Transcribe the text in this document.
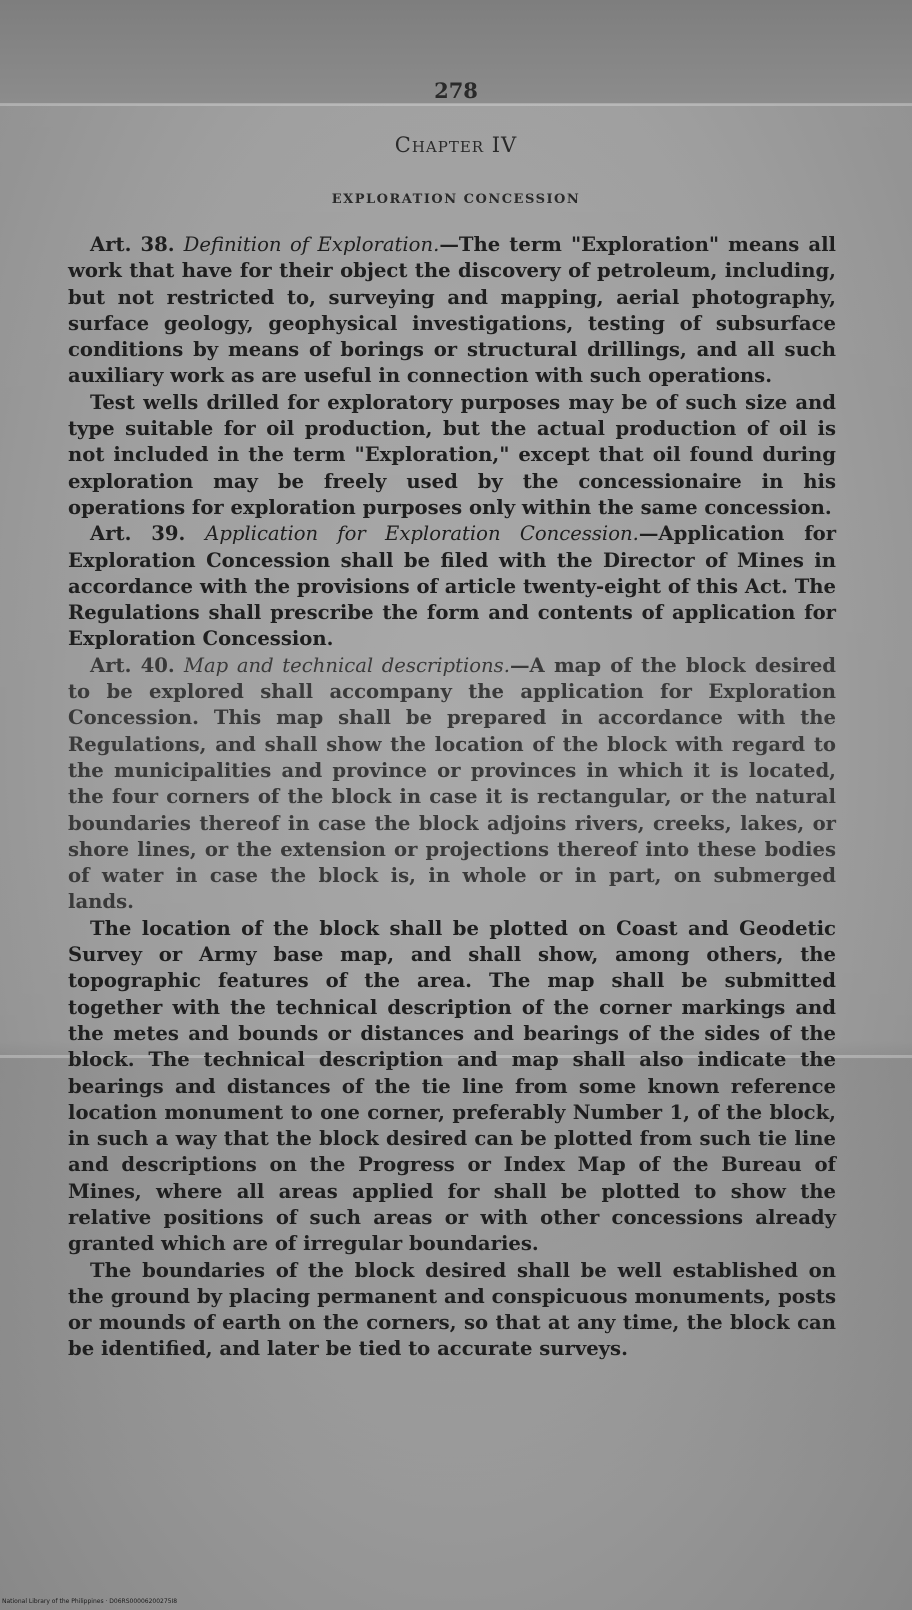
278
Chapter IV
EXPLORATION CONCESSION

Art. 38. Definition of Exploration.—The term "Exploration" means all work that have for their object the discovery of petroleum, including, but not restricted to, surveying and mapping, aerial photography, surface geology, geophysical investigations, testing of subsurface conditions by means of borings or structural drillings, and all such auxiliary work as are useful in connection with such operations.

Test wells drilled for exploratory purposes may be of such size and type suitable for oil production, but the actual production of oil is not included in the term "Exploration," except that oil found during exploration may be freely used by the concessionaire in his operations for exploration purposes only within the same concession.

Art. 39. Application for Exploration Concession.—Application for Exploration Concession shall be filed with the Director of Mines in accordance with the provisions of article twenty-eight of this Act. The Regulations shall prescribe the form and contents of application for Exploration Concession.

Art. 40. Map and technical descriptions.—A map of the block desired to be explored shall accompany the application for Exploration Concession. This map shall be prepared in accordance with the Regulations, and shall show the location of the block with regard to the municipalities and province or provinces in which it is located, the four corners of the block in case it is rectangular, or the natural boundaries thereof in case the block adjoins rivers, creeks, lakes, or shore lines, or the extension or projections thereof into these bodies of water in case the block is, in whole or in part, on submerged lands.

The location of the block shall be plotted on Coast and Geodetic Survey or Army base map, and shall show, among others, the topographic features of the area. The map shall be submitted together with the technical description of the corner markings and the metes and bounds or distances and bearings of the sides of the block. The technical description and map shall also indicate the bearings and distances of the tie line from some known reference location monument to one corner, preferably Number 1, of the block, in such a way that the block desired can be plotted from such tie line and descriptions on the Progress or Index Map of the Bureau of Mines, where all areas applied for shall be plotted to show the relative positions of such areas or with other concessions already granted which are of irregular boundaries.

The boundaries of the block desired shall be well established on the ground by placing permanent and conspicuous monuments, posts or mounds of earth on the corners, so that at any time, the block can be identified, and later be tied to accurate surveys.

National Library of the Philippines · D06RS00006200275I8
